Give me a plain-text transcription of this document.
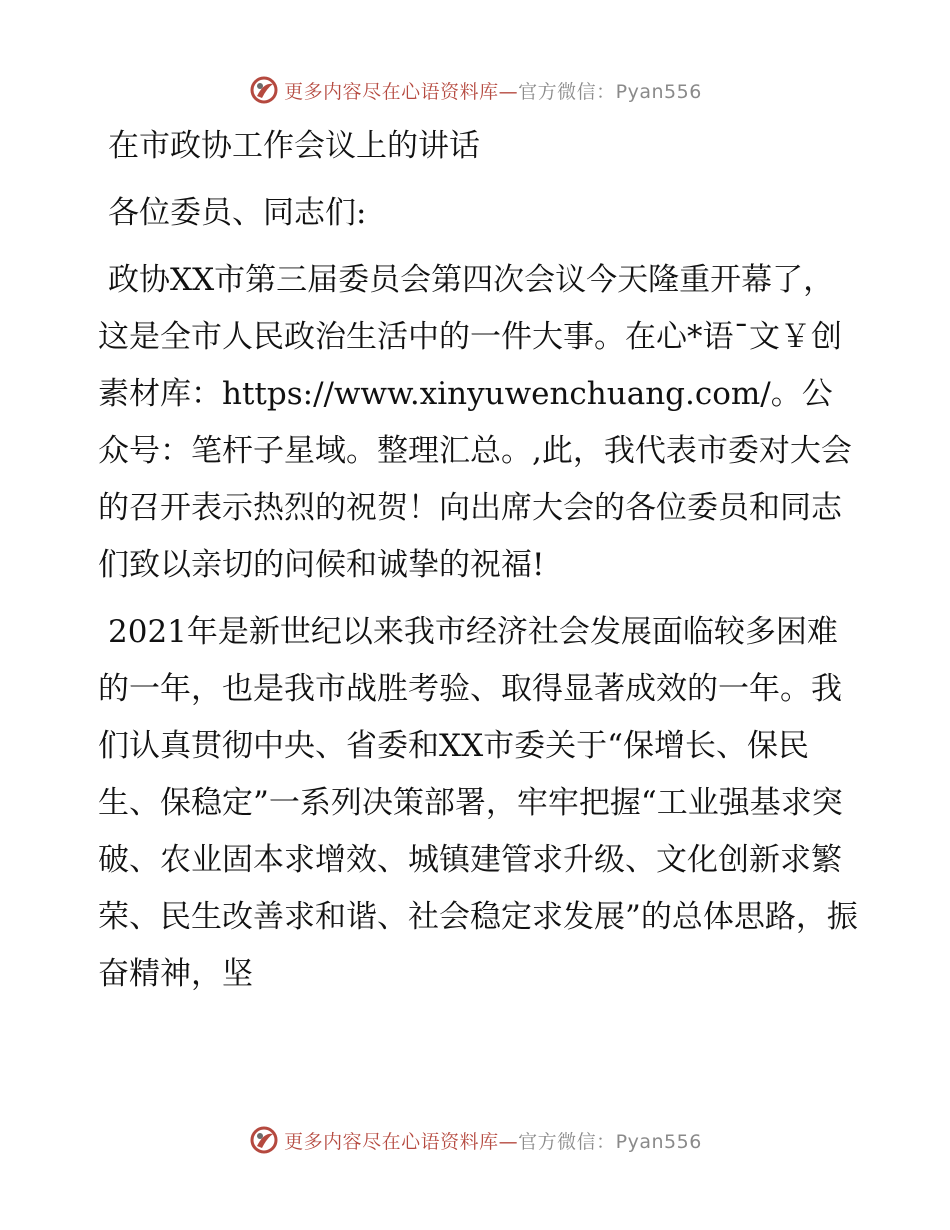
更多内容尽在心语资料库—官方微信：Pyan556

在市政协工作会议上的讲话

各位委员、同志们:

政协XX市第三届委员会第四次会议今天隆重开幕了，这是全市人民政治生活中的一件大事。在心*语¯文￥创素材库：https://www.xinyuwenchuang.com/。公众号：笔杆子星域。整理汇总。,此，我代表市委对大会的召开表示热烈的祝贺！向出席大会的各位委员和同志们致以亲切的问候和诚挚的祝福!

2021年是新世纪以来我市经济社会发展面临较多困难的一年，也是我市战胜考验、取得显著成效的一年。我们认真贯彻中央、省委和XX市委关于“保增长、保民生、保稳定”一系列决策部署，牢牢把握“工业强基求突破、农业固本求增效、城镇建管求升级、文化创新求繁荣、民生改善求和谐、社会稳定求发展”的总体思路，振奋精神，坚

更多内容尽在心语资料库—官方微信：Pyan556
